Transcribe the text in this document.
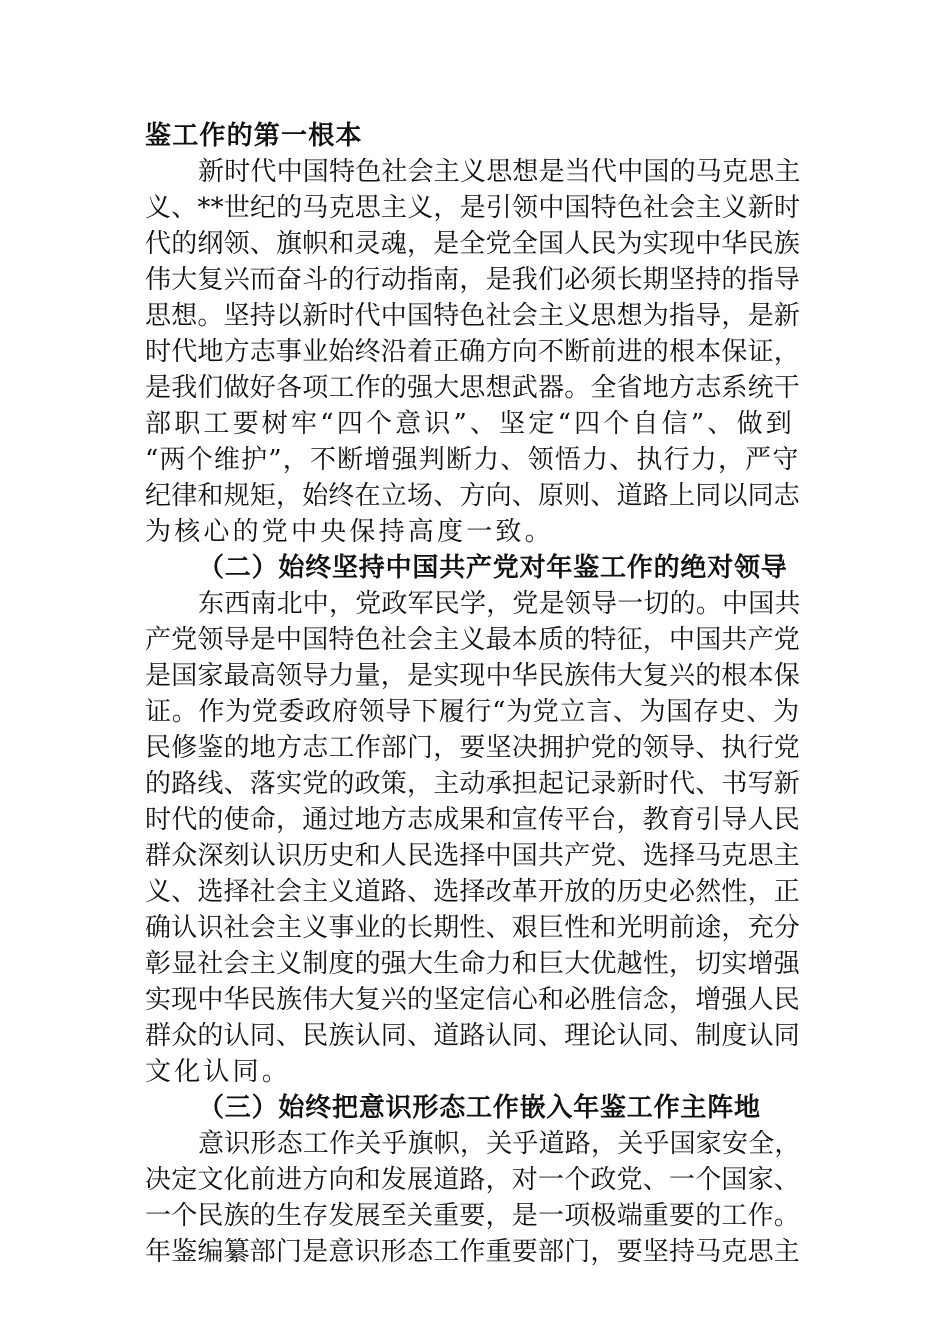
鉴工作的第一根本
新时代中国特色社会主义思想是当代中国的马克思主
义、**世纪的马克思主义，是引领中国特色社会主义新时
代的纲领、旗帜和灵魂，是全党全国人民为实现中华民族
伟大复兴而奋斗的行动指南，是我们必须长期坚持的指导
思想。坚持以新时代中国特色社会主义思想为指导，是新
时代地方志事业始终沿着正确方向不断前进的根本保证，
是我们做好各项工作的强大思想武器。全省地方志系统干
部职工要树牢“四个意识”、坚定“四个自信”、做到
“两个维护”，不断增强判断力、领悟力、执行力，严守
纪律和规矩，始终在立场、方向、原则、道路上同以同志
为核心的党中央保持高度一致。
（二）始终坚持中国共产党对年鉴工作的绝对领导
东西南北中，党政军民学，党是领导一切的。中国共
产党领导是中国特色社会主义最本质的特征，中国共产党
是国家最高领导力量，是实现中华民族伟大复兴的根本保
证。作为党委政府领导下履行“为党立言、为国存史、为
民修鉴的地方志工作部门，要坚决拥护党的领导、执行党
的路线、落实党的政策，主动承担起记录新时代、书写新
时代的使命，通过地方志成果和宣传平台，教育引导人民
群众深刻认识历史和人民选择中国共产党、选择马克思主
义、选择社会主义道路、选择改革开放的历史必然性，正
确认识社会主义事业的长期性、艰巨性和光明前途，充分
彰显社会主义制度的强大生命力和巨大优越性，切实增强
实现中华民族伟大复兴的坚定信心和必胜信念，增强人民
群众的认同、民族认同、道路认同、理论认同、制度认同
文化认同。
（三）始终把意识形态工作嵌入年鉴工作主阵地
意识形态工作关乎旗帜，关乎道路，关乎国家安全，
决定文化前进方向和发展道路，对一个政党、一个国家、
一个民族的生存发展至关重要，是一项极端重要的工作。
年鉴编纂部门是意识形态工作重要部门，要坚持马克思主
